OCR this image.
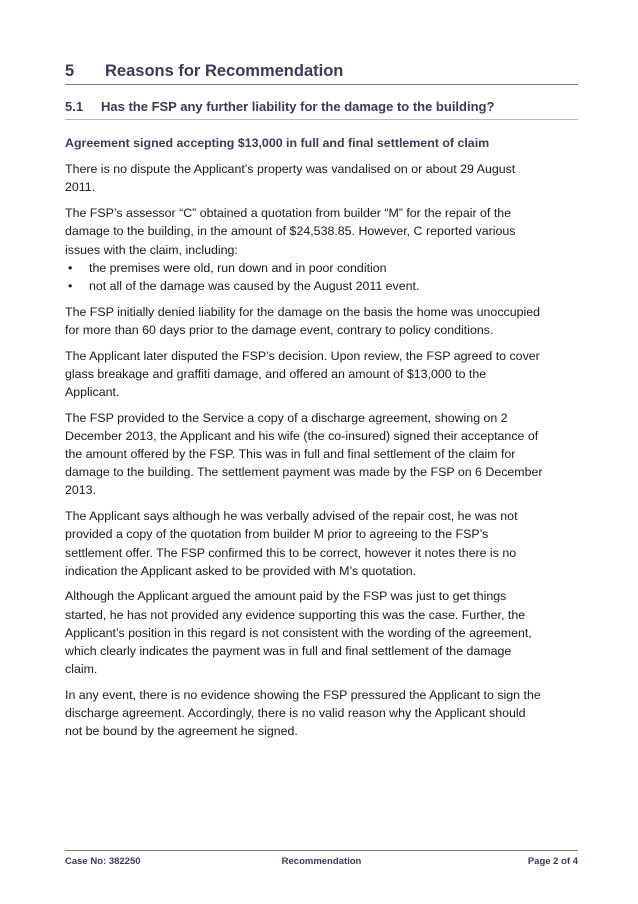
5 Reasons for Recommendation
5.1 Has the FSP any further liability for the damage to the building?

Agreement signed accepting $13,000 in full and final settlement of claim

There is no dispute the Applicant’s property was vandalised on or about 29 August 2011.

The FSP’s assessor “C” obtained a quotation from builder “M” for the repair of the damage to the building, in the amount of $24,538.85. However, C reported various issues with the claim, including:

• the premises were old, run down and in poor condition
• not all of the damage was caused by the August 2011 event.

The FSP initially denied liability for the damage on the basis the home was unoccupied for more than 60 days prior to the damage event, contrary to policy conditions.

The Applicant later disputed the FSP’s decision. Upon review, the FSP agreed to cover glass breakage and graffiti damage, and offered an amount of $13,000 to the Applicant.

The FSP provided to the Service a copy of a discharge agreement, showing on 2 December 2013, the Applicant and his wife (the co-insured) signed their acceptance of the amount offered by the FSP. This was in full and final settlement of the claim for damage to the building. The settlement payment was made by the FSP on 6 December 2013.

The Applicant says although he was verbally advised of the repair cost, he was not provided a copy of the quotation from builder M prior to agreeing to the FSP’s settlement offer. The FSP confirmed this to be correct, however it notes there is no indication the Applicant asked to be provided with M’s quotation.

Although the Applicant argued the amount paid by the FSP was just to get things started, he has not provided any evidence supporting this was the case. Further, the Applicant’s position in this regard is not consistent with the wording of the agreement, which clearly indicates the payment was in full and final settlement of the damage claim.

In any event, there is no evidence showing the FSP pressured the Applicant to sign the discharge agreement. Accordingly, there is no valid reason why the Applicant should not be bound by the agreement he signed.

Case No: 382250	Recommendation	Page 2 of 4
